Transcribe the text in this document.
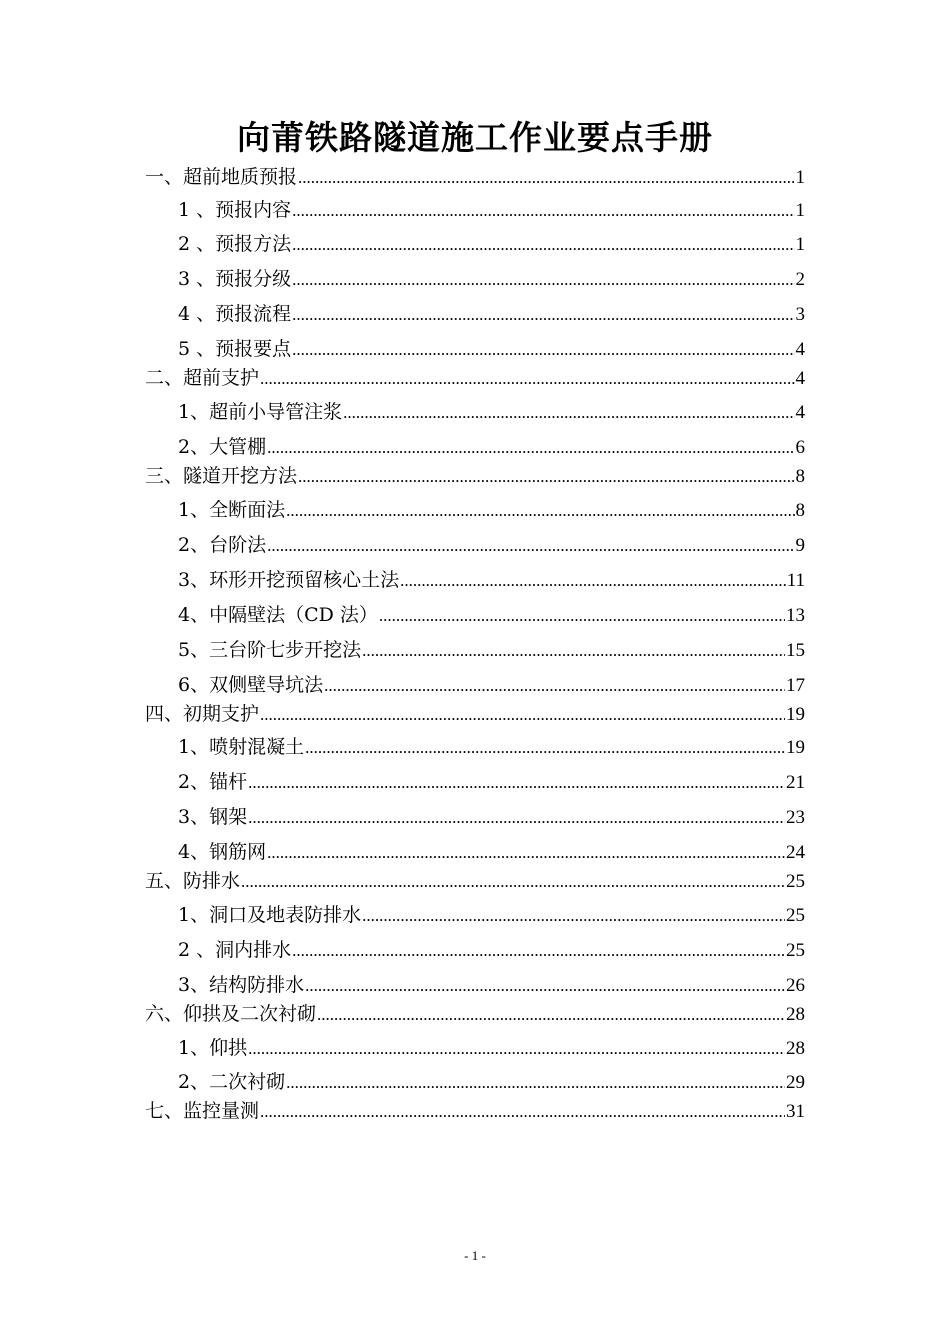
向莆铁路隧道施工作业要点手册
一、超前地质预报 .....	1
1 、预报内容 .....	1
2 、预报方法 .....	1
3 、预报分级 .....	2
4 、预报流程 .....	3
5 、预报要点 .....	4
二、超前支护 .....	4
1、超前小导管注浆 .....	4
2、大管棚 .....	6
三、隧道开挖方法 .....	8
1、全断面法 .....	8
2、台阶法 .....	9
3、环形开挖预留核心土法 .....	11
4、中隔壁法（CD 法） .....	13
5、三台阶七步开挖法 .....	15
6、双侧壁导坑法 .....	17
四、初期支护 .....	19
1、喷射混凝土 .....	19
2、锚杆 .....	21
3、钢架 .....	23
4、钢筋网 .....	24
五、防排水 .....	25
1、洞口及地表防排水 .....	25
2 、洞内排水 .....	25
3、结构防排水 .....	26
六、仰拱及二次衬砌 .....	28
1、仰拱 .....	28
2、二次衬砌 .....	29
七、监控量测 .....	31
- 1 -
